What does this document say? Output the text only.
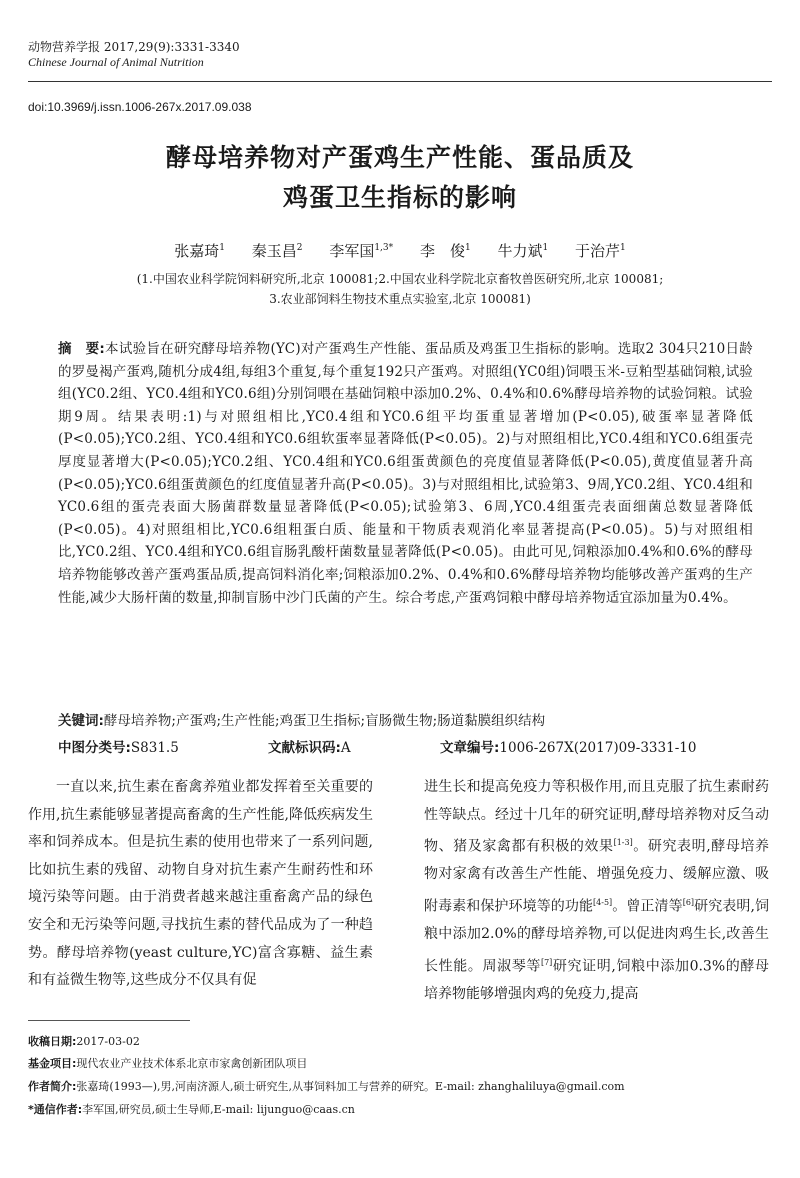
动物营养学报 2017,29(9):3331-3340
Chinese Journal of Animal Nutrition
doi:10.3969/j.issn.1006-267x.2017.09.038
酵母培养物对产蛋鸡生产性能、蛋品质及
鸡蛋卫生指标的影响
张嘉琦$^1$ 秦玉昌$^2$ 李军国$^{1,3*}$ 李　俊$^1$ 牛力斌$^1$ 于治芹$^1$
(1.中国农业科学院饲料研究所,北京 100081;2.中国农业科学院北京畜牧兽医研究所,北京 100081;
3.农业部饲料生物技术重点实验室,北京 100081)
摘　要:本试验旨在研究酵母培养物(YC)对产蛋鸡生产性能、蛋品质及鸡蛋卫生指标的影响。选取2 304只210日龄的罗曼褐产蛋鸡,随机分成4组,每组3个重复,每个重复192只产蛋鸡。对照组(YC0组)饲喂玉米-豆粕型基础饲粮,试验组(YC0.2组、YC0.4组和YC0.6组)分别饲喂在基础饲粮中添加0.2%、0.4%和0.6%酵母培养物的试验饲粮。试验期9周。结果表明:1)与对照组相比,YC0.4组和YC0.6组平均蛋重显著增加(P<0.05),破蛋率显著降低(P<0.05);YC0.2组、YC0.4组和YC0.6组软蛋率显著降低(P<0.05)。2)与对照组相比,YC0.4组和YC0.6组蛋壳厚度显著增大(P<0.05);YC0.2组、YC0.4组和YC0.6组蛋黄颜色的亮度值显著降低(P<0.05),黄度值显著升高(P<0.05);YC0.6组蛋黄颜色的红度值显著升高(P<0.05)。3)与对照组相比,试验第3、9周,YC0.2组、YC0.4组和YC0.6组的蛋壳表面大肠菌群数量显著降低(P<0.05);试验第3、6周,YC0.4组蛋壳表面细菌总数显著降低(P<0.05)。4)对照组相比,YC0.6组粗蛋白质、能量和干物质表观消化率显著提高(P<0.05)。5)与对照组相比,YC0.2组、YC0.4组和YC0.6组盲肠乳酸杆菌数量显著降低(P<0.05)。由此可见,饲粮添加0.4%和0.6%的酵母培养物能够改善产蛋鸡蛋品质,提高饲料消化率;饲粮添加0.2%、0.4%和0.6%酵母培养物均能够改善产蛋鸡的生产性能,减少大肠杆菌的数量,抑制盲肠中沙门氏菌的产生。综合考虑,产蛋鸡饲粮中酵母培养物适宜添加量为0.4%。
关键词:酵母培养物;产蛋鸡;生产性能;鸡蛋卫生指标;盲肠微生物;肠道黏膜组织结构
中图分类号:S831.5	文献标识码:A	文章编号:1006-267X(2017)09-3331-10

一直以来,抗生素在畜禽养殖业都发挥着至关重要的作用,抗生素能够显著提高畜禽的生产性能,降低疾病发生率和饲养成本。但是抗生素的使用也带来了一系列问题,比如抗生素的残留、动物自身对抗生素产生耐药性和环境污染等问题。由于消费者越来越注重畜禽产品的绿色安全和无污染等问题,寻找抗生素的替代品成为了一种趋势。酵母培养物(yeast culture,YC)富含寡糖、益生素和有益微生物等,这些成分不仅具有促

进生长和提高免疫力等积极作用,而且克服了抗生素耐药性等缺点。经过十几年的研究证明,酵母培养物对反刍动物、猪及家禽都有积极的效果[1-3]。研究表明,酵母培养物对家禽有改善生产性能、增强免疫力、缓解应激、吸附毒素和保护环境等的功能[4-5]。曾正清等[6]研究表明,饲粮中添加2.0%的酵母培养物,可以促进肉鸡生长,改善生长性能。周淑琴等[7]研究证明,饲粮中添加0.3%的酵母培养物能够增强肉鸡的免疫力,提高

收稿日期:2017-03-02
基金项目:现代农业产业技术体系北京市家禽创新团队项目
作者简介:张嘉琦(1993—),男,河南济源人,硕士研究生,从事饲料加工与营养的研究。E-mail: zhanghaliluya@gmail.com
*通信作者:李军国,研究员,硕士生导师,E-mail: lijunguo@caas.cn
